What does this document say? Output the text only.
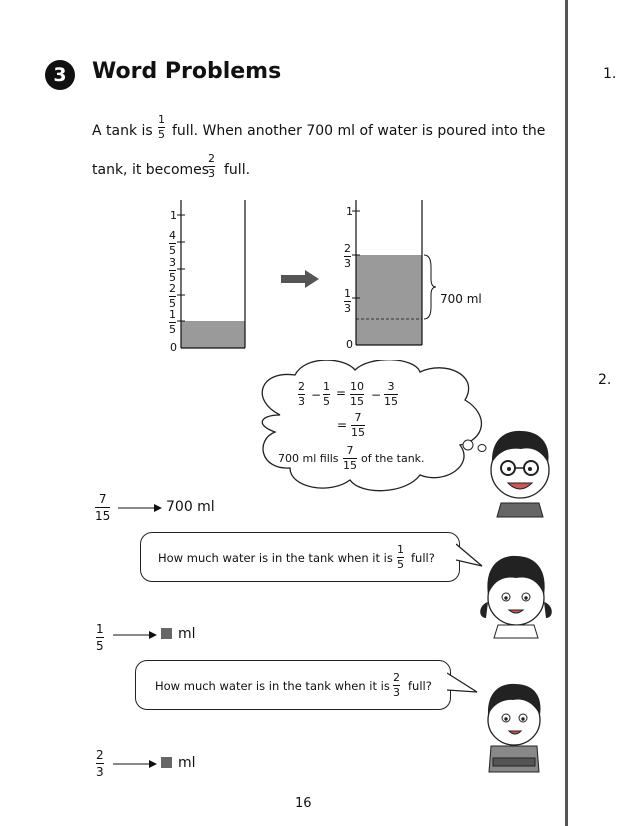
3 Word Problems	1.
2.
A tank is
1
5 full. When another 700 ml of water is poured into the
tank, it becomes
2
3 full.
1
4
5
3
5
2
5
1
5
0
1
2
3
1
3
0
700 ml
2
3 −
1
5
= 10
15 −
3
15
=
7
15
700 ml fills
7
15
of the tank.
7
15
700 ml
How much water is in the tank when it is
1
5 full?
1
5
ml
How much water is in the tank when it is
2
3 full?
2
3
ml
16
